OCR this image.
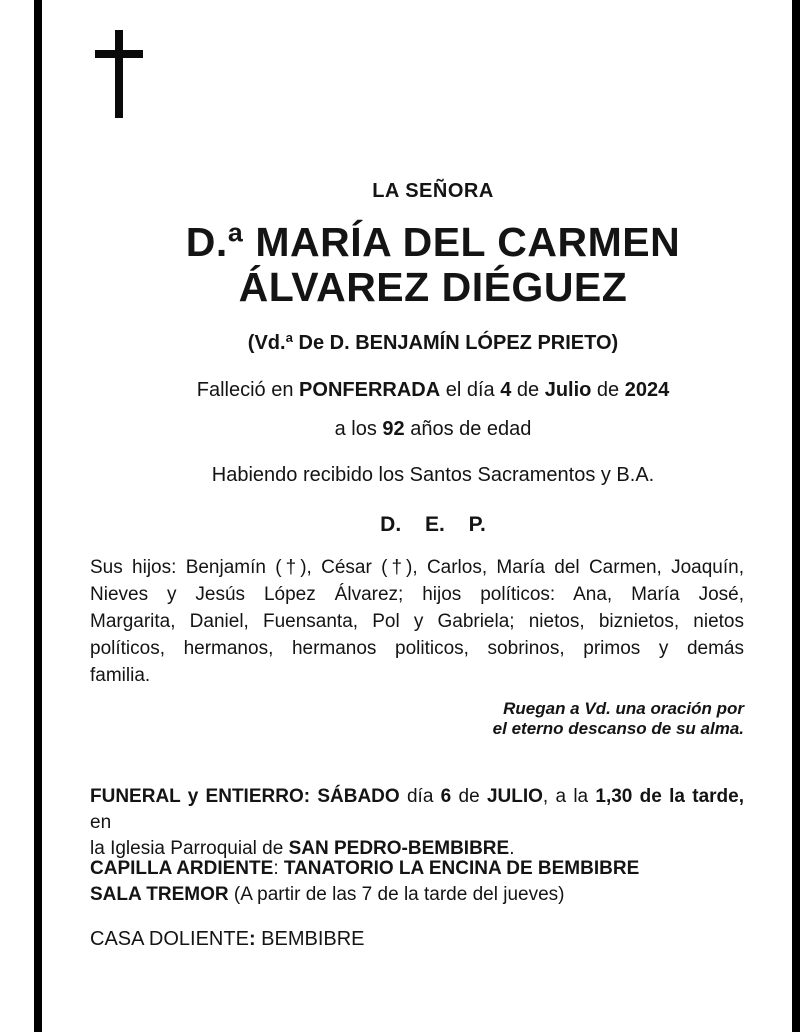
LA SEÑORA
D.ª MARÍA DEL CARMEN
ÁLVAREZ DIÉGUEZ
(Vd.ª De D. BENJAMÍN LÓPEZ PRIETO)
Falleció en PONFERRADA el día 4 de Julio de 2024
a los 92 años de edad
Habiendo recibido los Santos Sacramentos y B.A.
D. E. P.
Sus hijos: Benjamín (†), César (†), Carlos, María del Carmen, Joaquín,
Nieves y Jesús López Álvarez; hijos políticos: Ana, María José,
Margarita, Daniel, Fuensanta, Pol y Gabriela; nietos, biznietos, nietos
políticos, hermanos, hermanos politicos, sobrinos, primos y demás
familia.
Ruegan a Vd. una oración por
el eterno descanso de su alma.
FUNERAL y ENTIERRO: SÁBADO día 6 de JULIO, a la 1,30 de la tarde, en
la Iglesia Parroquial de SAN PEDRO-BEMBIBRE.
CAPILLA ARDIENTE: TANATORIO LA ENCINA DE BEMBIBRE
SALA TREMOR (A partir de las 7 de la tarde del jueves)
CASA DOLIENTE: BEMBIBRE
